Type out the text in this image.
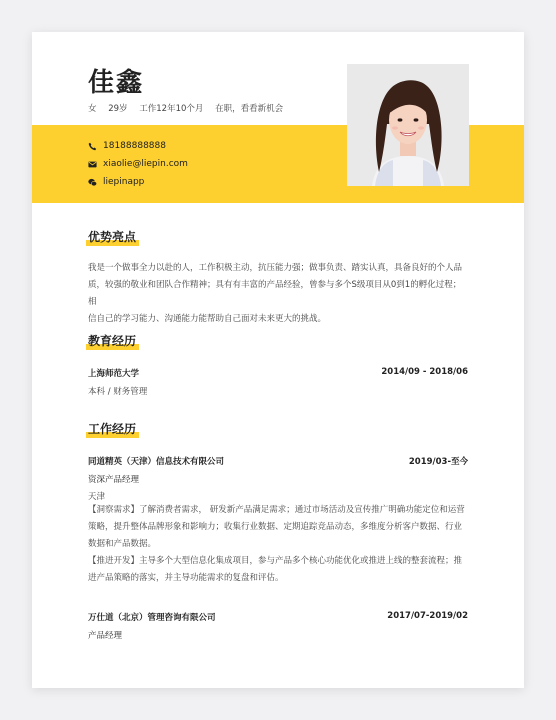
佳鑫
女 29岁 工作12年10个月 在职，看看新机会
18188888888
xiaolie@liepin.com
liepinapp
优势亮点
我是一个做事全力以赴的人，工作积极主动，抗压能力强；做事负责、踏实认真，具备良好的个人品
质，较强的敬业和团队合作精神；具有有丰富的产品经验，曾参与多个S级项目从0到1的孵化过程；相
信自己的学习能力、沟通能力能帮助自己面对未来更大的挑战。
教育经历
上海师范大学	2014/09 - 2018/06
本科 / 财务管理
工作经历
同道精英（天津）信息技术有限公司	2019/03-至今
资深产品经理
天津
【洞察需求】了解消费者需求， 研发新产品满足需求；通过市场活动及宣传推广明确功能定位和运营
策略，提升整体品牌形象和影响力；收集行业数据、定期追踪竞品动态，多维度分析客户数据、行业
数据和产品数据。
【推进开发】主导多个大型信息化集成项目，参与产品多个核心功能优化或推进上线的整套流程；推
进产品策略的落实，并主导功能需求的复盘和评估。
万仕道（北京）管理咨询有限公司	2017/07-2019/02
产品经理
